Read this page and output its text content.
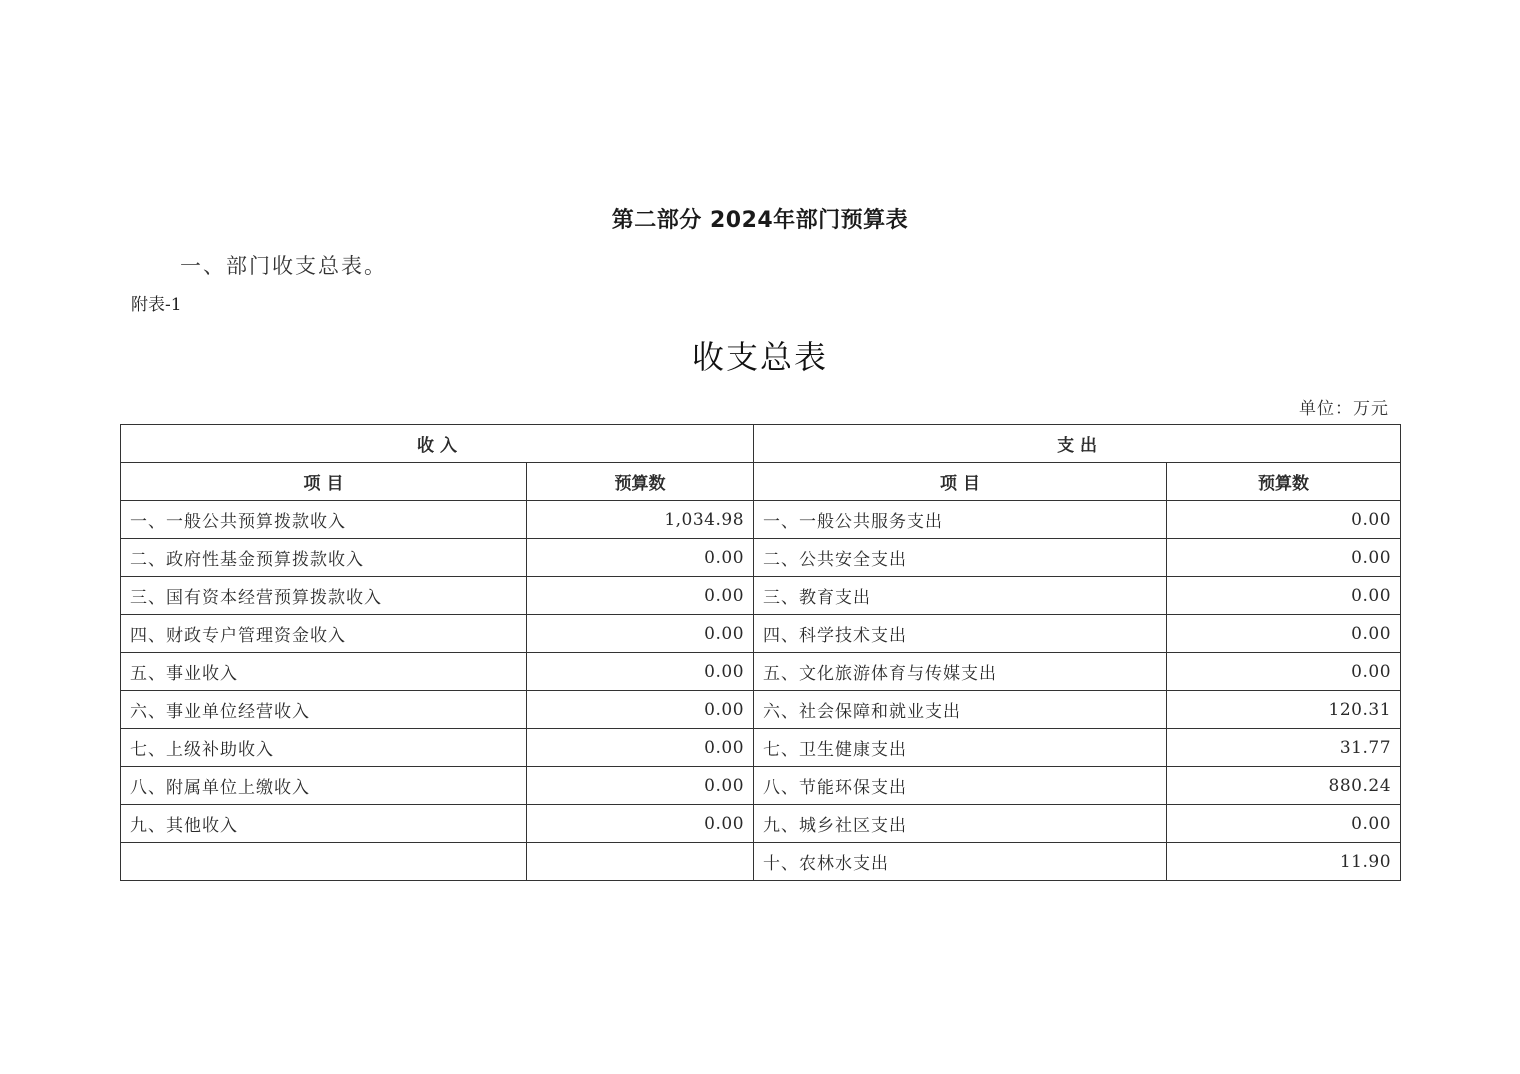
第二部分 2024年部门预算表
一、部门收支总表。
附表-1
收支总表
单位：万元
收 入		支 出	
项 目	预算数	项 目	预算数
一、一般公共预算拨款收入	1,034.98	一、一般公共服务支出	0.00
二、政府性基金预算拨款收入	0.00	二、公共安全支出	0.00
三、国有资本经营预算拨款收入	0.00	三、教育支出	0.00
四、财政专户管理资金收入	0.00	四、科学技术支出	0.00
五、事业收入	0.00	五、文化旅游体育与传媒支出	0.00
六、事业单位经营收入	0.00	六、社会保障和就业支出	120.31
七、上级补助收入	0.00	七、卫生健康支出	31.77
八、附属单位上缴收入	0.00	八、节能环保支出	880.24
九、其他收入	0.00	九、城乡社区支出	0.00
		十、农林水支出	11.90
